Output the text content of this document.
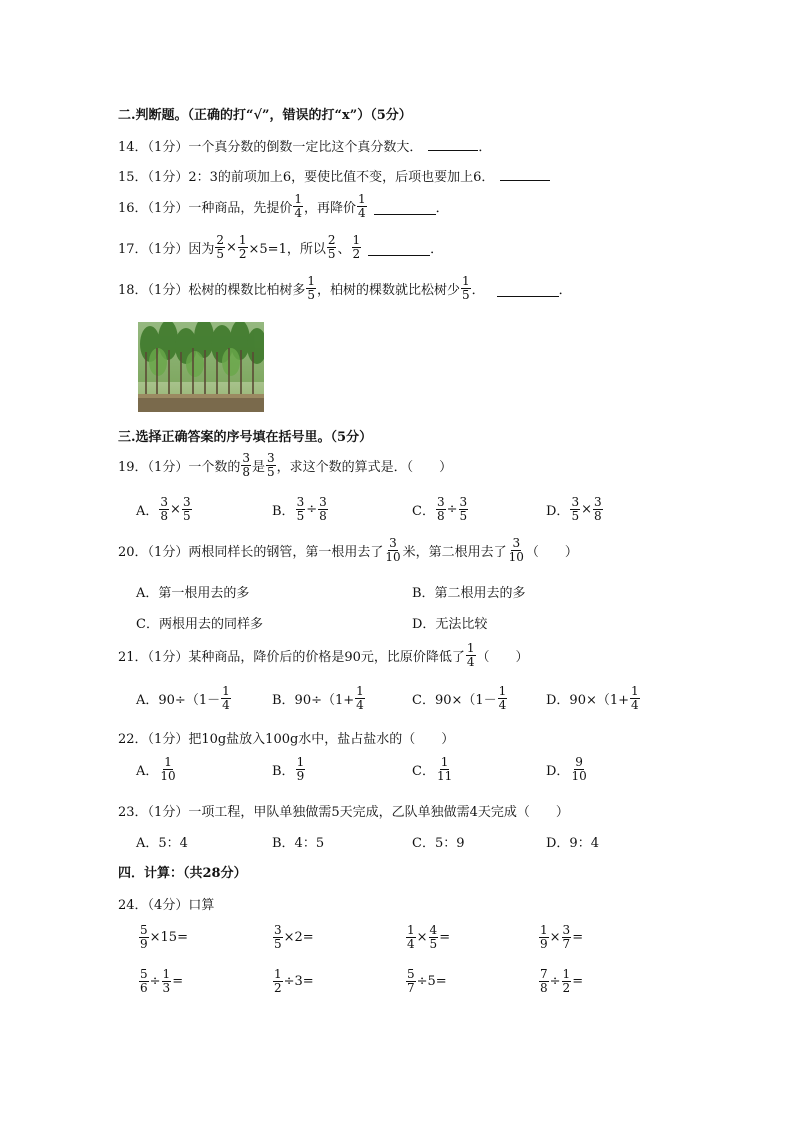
二.判断题。（正确的打“√”，错误的打“x”）（5分）
14．（1分）一个真分数的倒数一定比这个真分数大．	．
15．（1分）2：3的前项加上6，要使比值不变，后项也要加上6．
16．（1分）一种商品，先提价 $\frac{1}{4}$ ，再降价 $\frac{1}{4}$	．
17．（1分）因为 $\frac{2}{5} \times \frac{1}{2} \times 5=1$，所以 $\frac{2}{5}$ 、 $\frac{1}{2}$	．
18．（1分）松树的棵数比柏树多 $\frac{1}{5}$ ，柏树的棵数就比松树少 $\frac{1}{5}$ ．	．
三.选择正确答案的序号填在括号里。（5分）
19．（1分）一个数的 $\frac{3}{8}$ 是 $\frac{3}{5}$ ，求这个数的算式是．（　　）
A． $\frac{3}{8} \times \frac{3}{5}$	B． $\frac{3}{5} \div \frac{3}{8}$	C． $\frac{3}{8} \div \frac{3}{5}$	D． $\frac{3}{5} \times \frac{3}{8}$
20．（1分）两根同样长的钢管，第一根用去了 $\frac{3}{10}$ 米，第二根用去了 $\frac{3}{10}$ （　　）
A．第一根用去的多	B．第二根用去的多
C．两根用去的同样多	D．无法比较
21．（1分）某种商品，降价后的价格是90元，比原价降低了 $\frac{1}{4}$ （　　）
A．$90\div(1- \frac{1}{4}$	B．$90\div(1+ \frac{1}{4}$	C．$90\times(1- \frac{1}{4}$	D．$90\times(1+ \frac{1}{4}$
22．（1分）把10g盐放入100g水中，盐占盐水的（　　）
A． $\frac{1}{10}$	B． $\frac{1}{9}$	C． $\frac{1}{11}$	D． $\frac{9}{10}$
23．（1分）一项工程，甲队单独做需5天完成，乙队单独做需4天完成（　　）
A．5：4	B．4：5	C．5：9	D．9：4
四．计算：（共28分）
24．（4分）口算
$\frac{5}{9} \times 15=$	$\frac{3}{5} \times 2=$	$\frac{1}{4} \times \frac{4}{5}$ =	$\frac{1}{9} \times \frac{3}{7}$ =
$\frac{5}{6} \div \frac{1}{3}$ =	$\frac{1}{2} \div 3=$	$\frac{5}{7} \div 5=$	$\frac{7}{8} \div \frac{1}{2}$ =
